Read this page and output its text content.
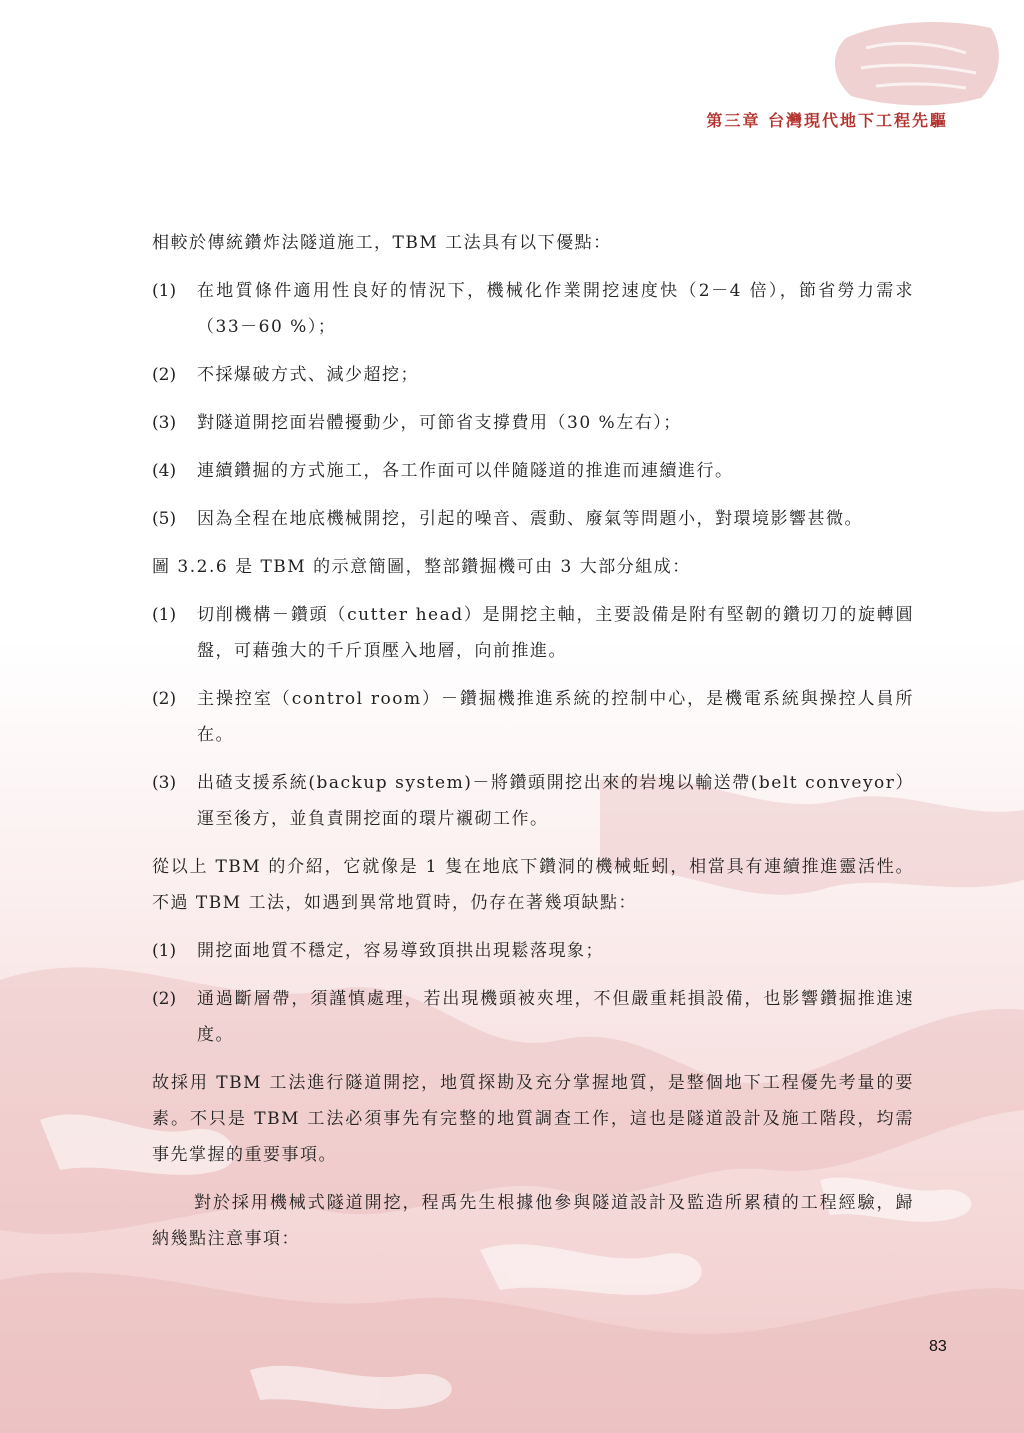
第三章 台灣現代地下工程先驅

相較於傳統鑽炸法隧道施工，TBM 工法具有以下優點：

(1)	在地質條件適用性良好的情況下，機械化作業開挖速度快（2－4 倍），節省勞力需求（33－60 %）；
(2)	不採爆破方式、減少超挖；
(3)	對隧道開挖面岩體擾動少，可節省支撐費用（30 %左右）；
(4)	連續鑽掘的方式施工，各工作面可以伴隨隧道的推進而連續進行。
(5)	因為全程在地底機械開挖，引起的噪音、震動、廢氣等問題小，對環境影響甚微。

圖 3.2.6 是 TBM 的示意簡圖，整部鑽掘機可由 3 大部分組成：

(1)	切削機構－鑽頭（cutter head）是開挖主軸，主要設備是附有堅韌的鑽切刀的旋轉圓盤，可藉強大的千斤頂壓入地層，向前推進。
(2)	主操控室（control room）－鑽掘機推進系統的控制中心，是機電系統與操控人員所在。
(3)	出碴支援系統(backup system)－將鑽頭開挖出來的岩塊以輸送帶(belt conveyor）運至後方，並負責開挖面的環片襯砌工作。

從以上 TBM 的介紹，它就像是 1 隻在地底下鑽洞的機械蚯蚓，相當具有連續推進靈活性。不過 TBM 工法，如遇到異常地質時，仍存在著幾項缺點：

(1)	開挖面地質不穩定，容易導致頂拱出現鬆落現象；
(2)	通過斷層帶，須謹慎處理，若出現機頭被夾埋，不但嚴重耗損設備，也影響鑽掘推進速度。

故採用 TBM 工法進行隧道開挖，地質探勘及充分掌握地質，是整個地下工程優先考量的要素。不只是 TBM 工法必須事先有完整的地質調查工作，這也是隧道設計及施工階段，均需事先掌握的重要事項。

對於採用機械式隧道開挖，程禹先生根據他參與隧道設計及監造所累積的工程經驗，歸納幾點注意事項：

83
